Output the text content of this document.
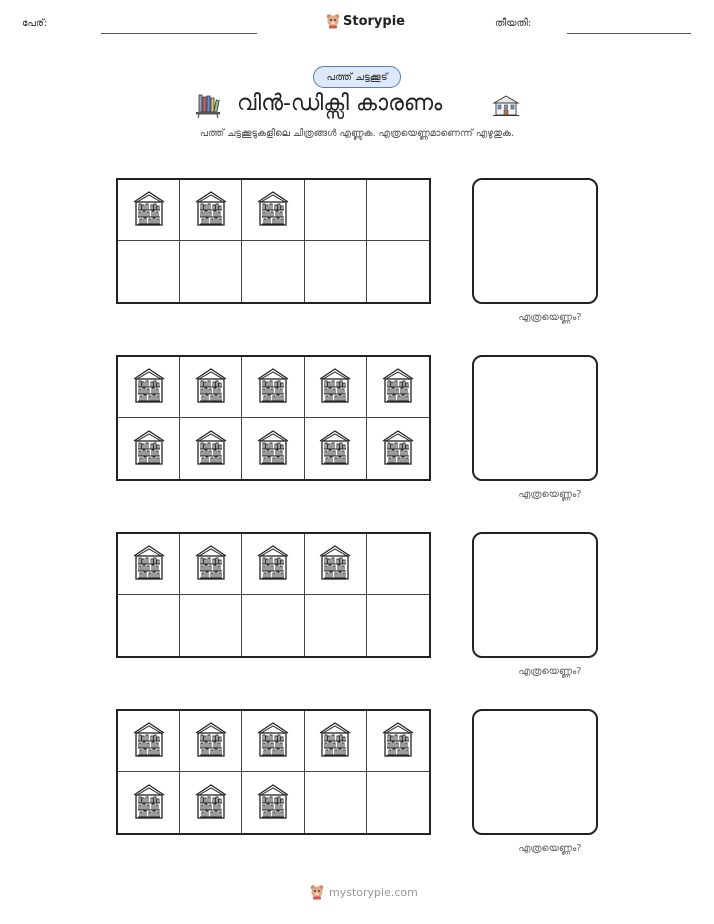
പേര്:	Storypie	തീയതി:
പത്ത് ചട്ടക്കൂട്
വിൻ-ഡിക്സി കാരണം
പത്ത് ചട്ടക്കൂടുകളിലെ ചിത്രങ്ങൾ എണ്ണുക. എത്രയെണ്ണമാണെന്ന് എഴുതുക.
എത്രയെണ്ണം?
എത്രയെണ്ണം?
എത്രയെണ്ണം?
എത്രയെണ്ണം?
mystorypie.com
